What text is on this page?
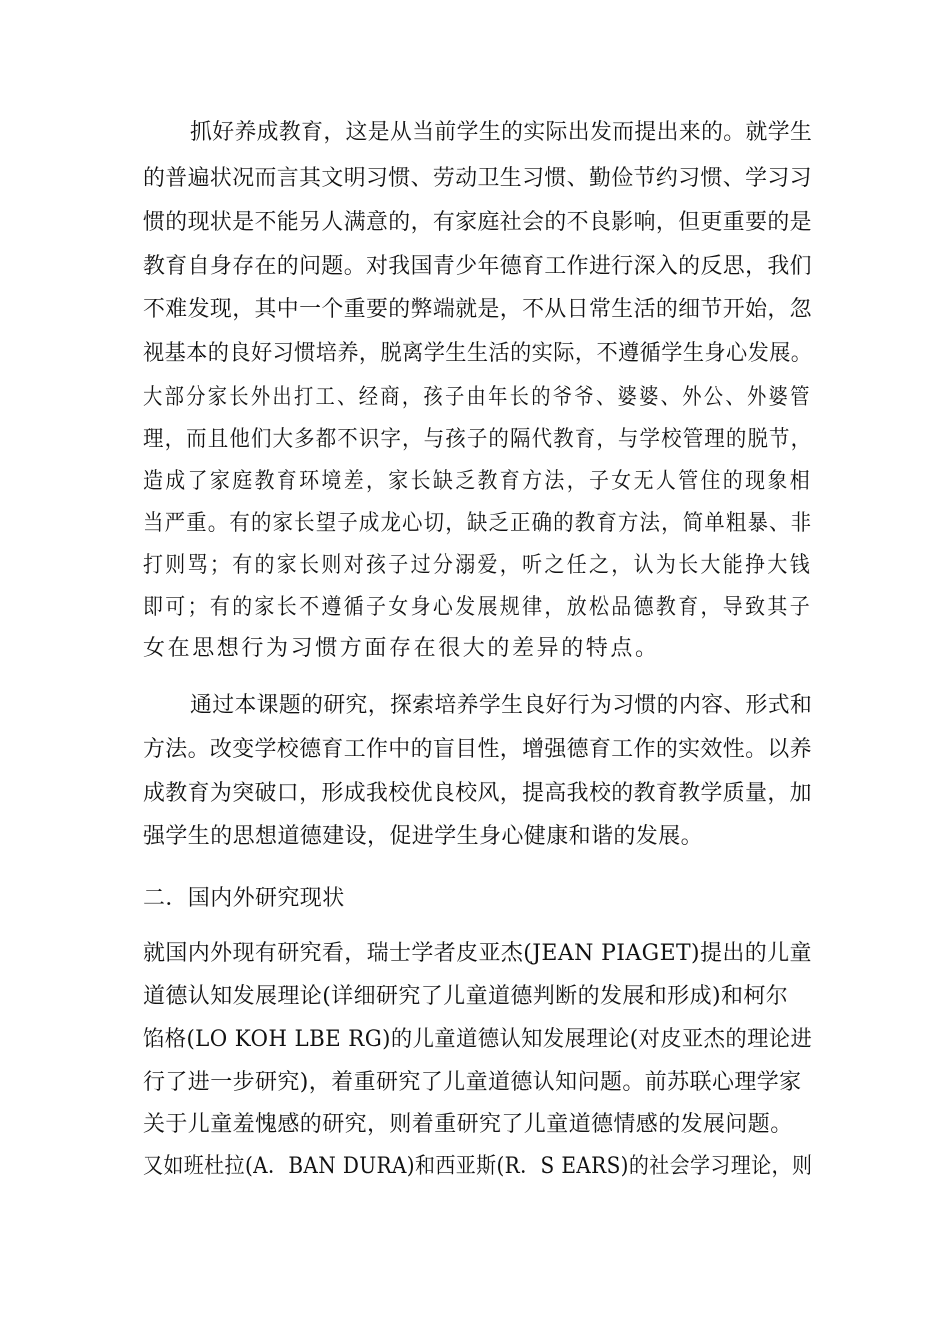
抓好养成教育，这是从当前学生的实际出发而提出来的。就学生
的普遍状况而言其文明习惯、劳动卫生习惯、勤俭节约习惯、学习习
惯的现状是不能另人满意的，有家庭社会的不良影响，但更重要的是
教育自身存在的问题。对我国青少年德育工作进行深入的反思，我们
不难发现，其中一个重要的弊端就是，不从日常生活的细节开始，忽
视基本的良好习惯培养，脱离学生生活的实际，不遵循学生身心发展。
大部分家长外出打工、经商，孩子由年长的爷爷、婆婆、外公、外婆管
理，而且他们大多都不识字，与孩子的隔代教育，与学校管理的脱节，
造成了家庭教育环境差，家长缺乏教育方法，子女无人管住的现象相
当严重。有的家长望子成龙心切，缺乏正确的教育方法，简单粗暴、非
打则骂；有的家长则对孩子过分溺爱，听之任之，认为长大能挣大钱
即可；有的家长不遵循子女身心发展规律，放松品德教育，导致其子
女在思想行为习惯方面存在很大的差异的特点。
通过本课题的研究，探索培养学生良好行为习惯的内容、形式和
方法。改变学校德育工作中的盲目性，增强德育工作的实效性。以养
成教育为突破口，形成我校优良校风，提高我校的教育教学质量，加
强学生的思想道德建设，促进学生身心健康和谐的发展。
二．国内外研究现状
就国内外现有研究看，瑞士学者皮亚杰(JEAN PIAGET)提出的儿童
道德认知发展理论(详细研究了儿童道德判断的发展和形成)和柯尔
馅格(LO KOH LBE RG)的儿童道德认知发展理论(对皮亚杰的理论进
行了进一步研究)，着重研究了儿童道德认知问题。前苏联心理学家
关于儿童羞愧感的研究，则着重研究了儿童道德情感的发展问题。
又如班杜拉(A．BAN DURA)和西亚斯(R．S EARS)的社会学习理论，则
